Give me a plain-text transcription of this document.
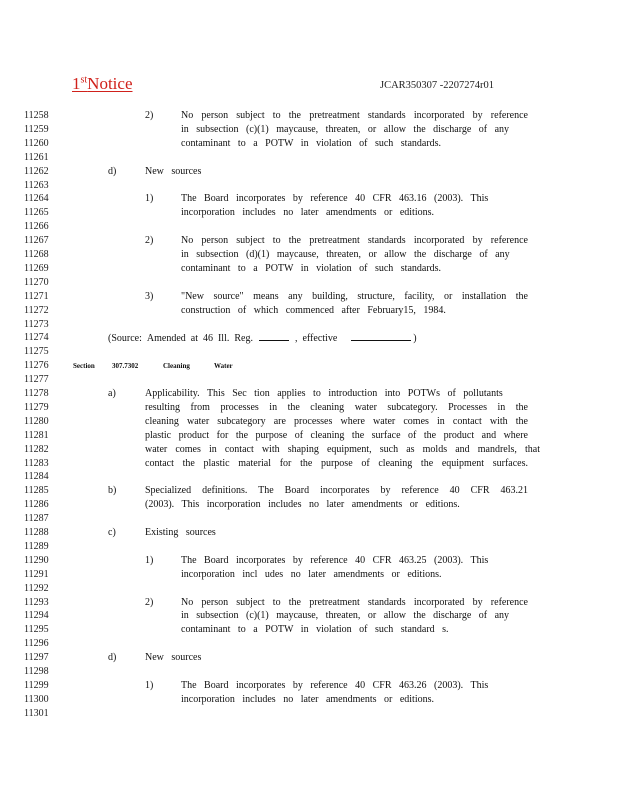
1stNotice	JCAR350307 -2207274r01
11258
11259
11260
11261
11262
11263
11264
11265
11266
11267
11268
11269
11270
11271
11272
11273
11274
11275
11276
11277
11278
11279
11280
11281
11282
11283
11284
11285
11286
11287
11288
11289
11290
11291
11292
11293
11294
11295
11296
11297
11298
11299
11300
11301
2)	No person subject to the pretreatment standards incorporated by reference
in subsection (c)(1) maycause, threaten, or allow the discharge of any
contaminant to a POTW in violation of such standards.
d)	New sources
1)	The Board incorporates by reference 40 CFR 463.16 (2003). This
incorporation includes no later amendments or editions.
2)	No person subject to the pretreatment standards incorporated by reference
in subsection (d)(1) maycause, threaten, or allow the discharge of any
contaminant to a POTW in violation of such standards.
3)	"New source" means any building, structure, facility, or installation the
construction of which commenced after February15, 1984.
(Source:  Amended  at  46  Ill.  Reg.	,  effective	)
Section 307.7302	Cleaning	Water
a)	Applicability. This Sec tion applies to introduction into POTWs of pollutants
resulting from processes in the cleaning water subcategory. Processes in the
cleaning water subcategory are processes where water comes in contact with the
plastic product for the purpose of cleaning the surface of the product and where
water comes in contact with shaping equipment, such as molds and mandrels, that
contact the plastic material for the purpose of cleaning the equipment surfaces.
b)	Specialized definitions. The Board incorporates by reference 40 CFR 463.21
(2003). This incorporation includes no later amendments or editions.
c)	Existing sources
1)	The Board incorporates by reference 40 CFR 463.25 (2003). This
incorporation incl udes no later amendments or editions.
2)	No person subject to the pretreatment standards incorporated by reference
in subsection (c)(1) maycause, threaten, or allow the discharge of any
contaminant to a POTW in violation of such standard s.
d)	New sources
1)	The Board incorporates by reference 40 CFR 463.26 (2003). This
incorporation includes no later amendments or editions.
